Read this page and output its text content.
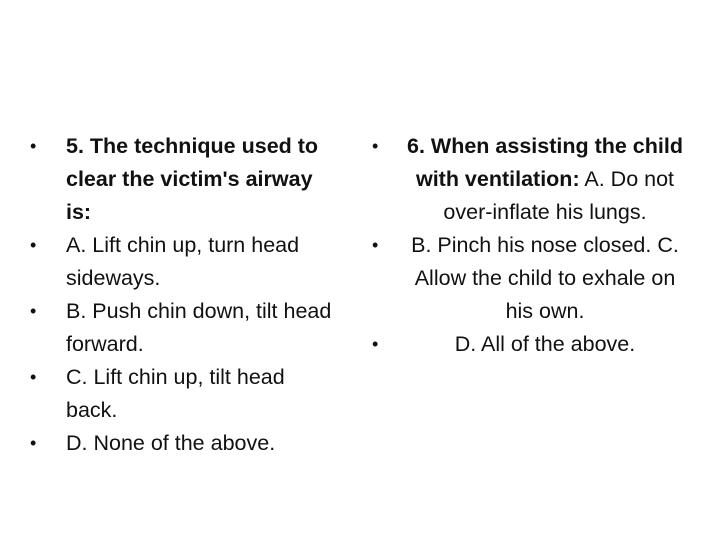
•	5. The technique used to clear the victim's airway is:
•	A. Lift chin up, turn head sideways.
•	B. Push chin down, tilt head forward.
•	C. Lift chin up, tilt head back.
•	D. None of the above.
•	6. When assisting the child with ventilation: A. Do not over-inflate his lungs.
•	B. Pinch his nose closed. C. Allow the child to exhale on his own.
•	D. All of the above.
